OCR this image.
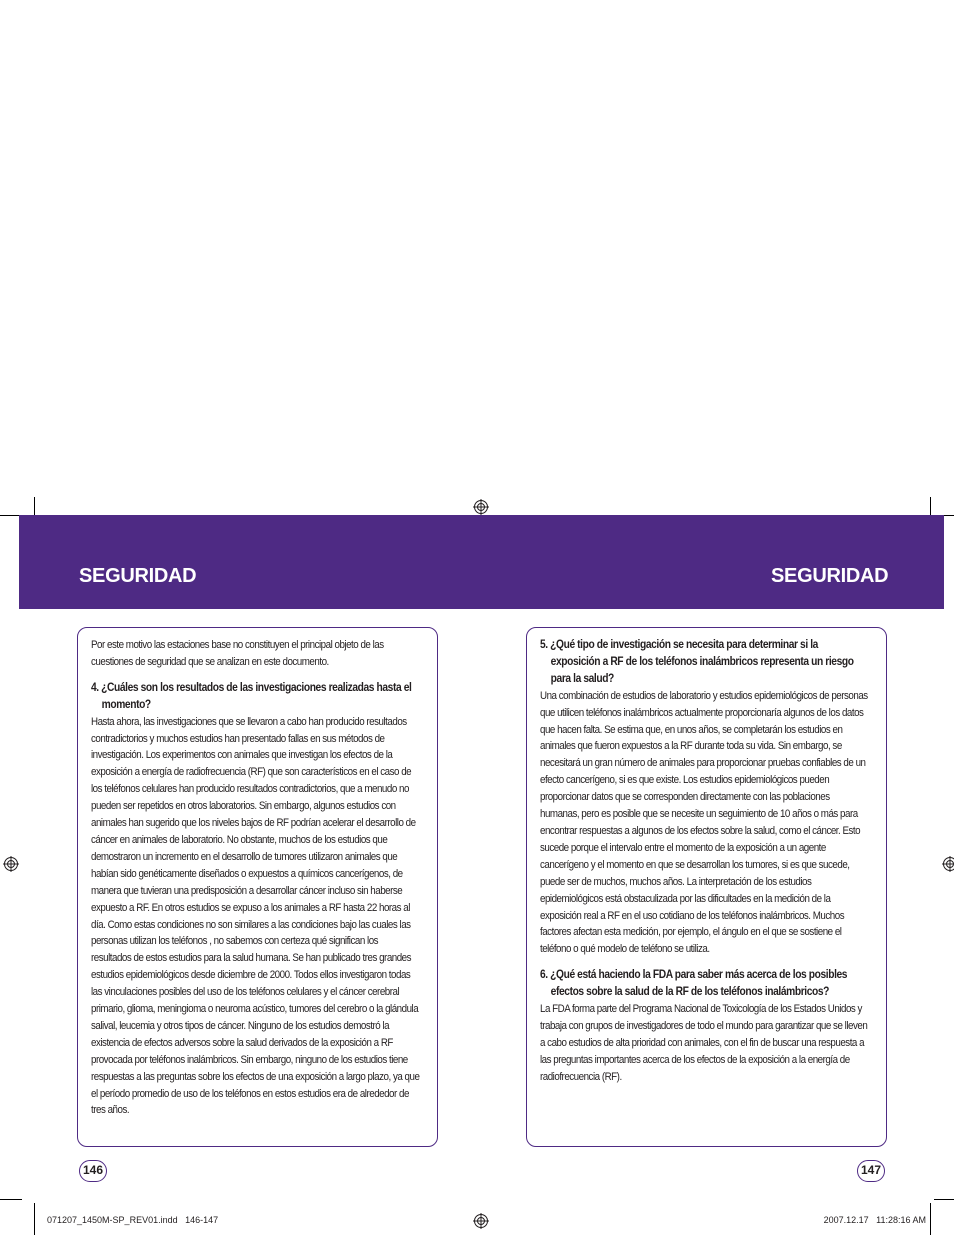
SEGURIDAD	SEGURIDAD

Por este motivo las estaciones base no constituyen el principal objeto de las cuestiones de seguridad que se analizan en este documento.

4. ¿Cuáles son los resultados de las investigaciones realizadas hasta el momento?

Hasta ahora, las investigaciones que se llevaron a cabo han producido resultados contradictorios y muchos estudios han presentado fallas en sus métodos de investigación. Los experimentos con animales que investigan los efectos de la exposición a energía de radiofrecuencia (RF) que son característicos en el caso de los teléfonos celulares han producido resultados contradictorios, que a menudo no pueden ser repetidos en otros laboratorios. Sin embargo, algunos estudios con animales han sugerido que los niveles bajos de RF podrían acelerar el desarrollo de cáncer en animales de laboratorio. No obstante, muchos de los estudios que demostraron un incremento en el desarrollo de tumores utilizaron animales que habían sido genéticamente diseñados o expuestos a químicos cancerígenos, de manera que tuvieran una predisposición a desarrollar cáncer incluso sin haberse expuesto a RF. En otros estudios se expuso a los animales a RF hasta 22 horas al día. Como estas condiciones no son similares a las condiciones bajo las cuales las personas utilizan los teléfonos , no sabemos con certeza qué significan los resultados de estos estudios para la salud humana. Se han publicado tres grandes estudios epidemiológicos desde diciembre de 2000. Todos ellos investigaron todas las vinculaciones posibles del uso de los teléfonos celulares y el cáncer cerebral primario, glioma, meningioma o neuroma acústico, tumores del cerebro o la glándula salival, leucemia y otros tipos de cáncer. Ninguno de los estudios demostró la existencia de efectos adversos sobre la salud derivados de la exposición a RF provocada por teléfonos inalámbricos. Sin embargo, ninguno de los estudios tiene respuestas a las preguntas sobre los efectos de una exposición a largo plazo, ya que el período promedio de uso de los teléfonos en estos estudios era de alrededor de tres años.

5. ¿Qué tipo de investigación se necesita para determinar si la exposición a RF de los teléfonos inalámbricos representa un riesgo para la salud?

Una combinación de estudios de laboratorio y estudios epidemiológicos de personas que utilicen teléfonos inalámbricos actualmente proporcionaría algunos de los datos que hacen falta. Se estima que, en unos años, se completarán los estudios en animales que fueron expuestos a la RF durante toda su vida. Sin embargo, se necesitará un gran número de animales para proporcionar pruebas confiables de un efecto cancerígeno, si es que existe. Los estudios epidemiológicos pueden proporcionar datos que se corresponden directamente con las poblaciones humanas, pero es posible que se necesite un seguimiento de 10 años o más para encontrar respuestas a algunos de los efectos sobre la salud, como el cáncer. Esto sucede porque el intervalo entre el momento de la exposición a un agente cancerígeno y el momento en que se desarrollan los tumores, si es que sucede, puede ser de muchos, muchos años. La interpretación de los estudios epidemiológicos está obstaculizada por las dificultades en la medición de la exposición real a RF en el uso cotidiano de los teléfonos inalámbricos. Muchos factores afectan esta medición, por ejemplo, el ángulo en el que se sostiene el teléfono o qué modelo de teléfono se utiliza.

6. ¿Qué está haciendo la FDA para saber más acerca de los posibles efectos sobre la salud de la RF de los teléfonos inalámbricos?

La FDA forma parte del Programa Nacional de Toxicología de los Estados Unidos y trabaja con grupos de investigadores de todo el mundo para garantizar que se lleven a cabo estudios de alta prioridad con animales, con el fin de buscar una respuesta a las preguntas importantes acerca de los efectos de la exposición a la energía de radiofrecuencia (RF).

146	147
071207_1450M-SP_REV01.indd   146-147	2007.12.17   11:28:16 AM
